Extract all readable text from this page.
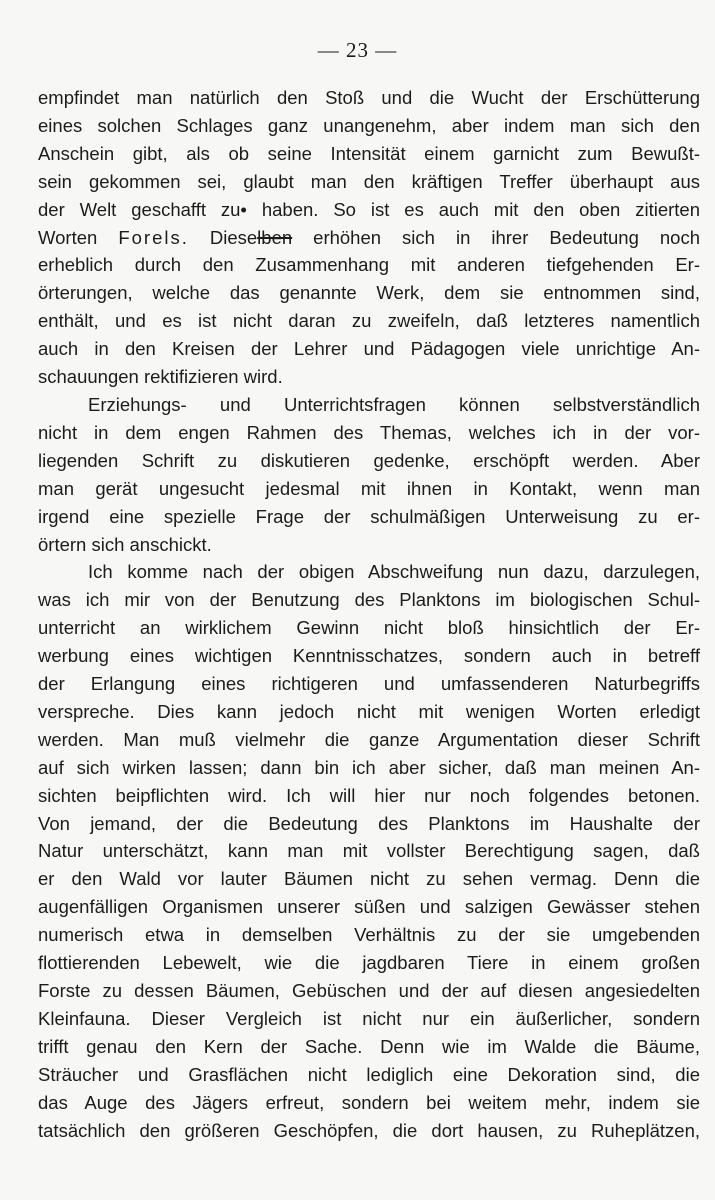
— 23 —
empfindet man natürlich den Stoß und die Wucht der Erschütterung
eines solchen Schlages ganz unangenehm, aber indem man sich den
Anschein gibt, als ob seine Intensität einem garnicht zum Bewußt-
sein gekommen sei, glaubt man den kräftigen Treffer überhaupt aus
der Welt geschafft zu• haben. So ist es auch mit den oben zitierten
Worten Forels. Dieselben erhöhen sich in ihrer Bedeutung noch
erheblich durch den Zusammenhang mit anderen tiefgehenden Er-
örterungen, welche das genannte Werk, dem sie entnommen sind,
enthält, und es ist nicht daran zu zweifeln, daß letzteres namentlich
auch in den Kreisen der Lehrer und Pädagogen viele unrichtige An-
schauungen rektifizieren wird.
Erziehungs- und Unterrichtsfragen können selbstverständlich
nicht in dem engen Rahmen des Themas, welches ich in der vor-
liegenden Schrift zu diskutieren gedenke, erschöpft werden. Aber
man gerät ungesucht jedesmal mit ihnen in Kontakt, wenn man
irgend eine spezielle Frage der schulmäßigen Unterweisung zu er-
örtern sich anschickt.
Ich komme nach der obigen Abschweifung nun dazu, darzulegen,
was ich mir von der Benutzung des Planktons im biologischen Schul-
unterricht an wirklichem Gewinn nicht bloß hinsichtlich der Er-
werbung eines wichtigen Kenntnisschatzes, sondern auch in betreff
der Erlangung eines richtigeren und umfassenderen Naturbegriffs
verspreche. Dies kann jedoch nicht mit wenigen Worten erledigt
werden. Man muß vielmehr die ganze Argumentation dieser Schrift
auf sich wirken lassen; dann bin ich aber sicher, daß man meinen An-
sichten beipflichten wird. Ich will hier nur noch folgendes betonen.
Von jemand, der die Bedeutung des Planktons im Haushalte der
Natur unterschätzt, kann man mit vollster Berechtigung sagen, daß
er den Wald vor lauter Bäumen nicht zu sehen vermag. Denn die
augenfälligen Organismen unserer süßen und salzigen Gewässer stehen
numerisch etwa in demselben Verhältnis zu der sie umgebenden
flottierenden Lebewelt, wie die jagdbaren Tiere in einem großen
Forste zu dessen Bäumen, Gebüschen und der auf diesen angesiedelten
Kleinfauna. Dieser Vergleich ist nicht nur ein äußerlicher, sondern
trifft genau den Kern der Sache. Denn wie im Walde die Bäume,
Sträucher und Grasflächen nicht lediglich eine Dekoration sind, die
das Auge des Jägers erfreut, sondern bei weitem mehr, indem sie
tatsächlich den größeren Geschöpfen, die dort hausen, zu Ruheplätzen,
